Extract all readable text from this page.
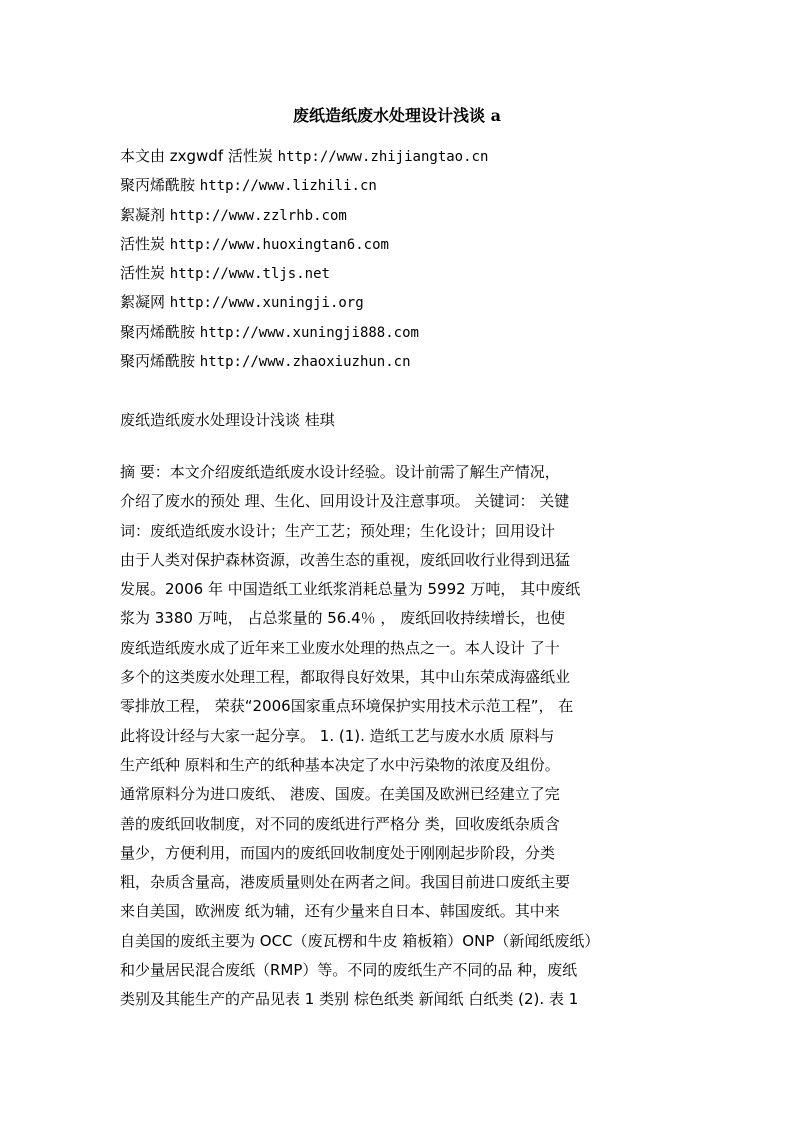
废纸造纸废水处理设计浅谈 a
本文由 zxgwdf 活性炭 http://www.zhijiangtao.cn
聚丙烯酰胺 http://www.lizhili.cn
絮凝剂 http://www.zzlrhb.com
活性炭 http://www.huoxingtan6.com
活性炭 http://www.tljs.net
絮凝网 http://www.xuningji.org
聚丙烯酰胺 http://www.xuningji888.com
聚丙烯酰胺 http://www.zhaoxiuzhun.cn

废纸造纸废水处理设计浅谈 桂琪

摘 要：本文介绍废纸造纸废水设计经验。设计前需了解生产情况，
介绍了废水的预处 理、生化、回用设计及注意事项。 关键词： 关键
词：废纸造纸废水设计；生产工艺；预处理；生化设计；回用设计
由于人类对保护森林资源，改善生态的重视，废纸回收行业得到迅猛
发展。2006 年 中国造纸工业纸浆消耗总量为 5992 万吨， 其中废纸
浆为 3380 万吨， 占总浆量的 56.4％ ， 废纸回收持续增长，也使
废纸造纸废水成了近年来工业废水处理的热点之一。本人设计 了十
多个的这类废水处理工程，都取得良好效果，其中山东荣成海盛纸业
零排放工程， 荣获“2006国家重点环境保护实用技术示范工程”， 在
此将设计经与大家一起分享。 1. (1). 造纸工艺与废水水质 原料与
生产纸种 原料和生产的纸种基本决定了水中污染物的浓度及组份。
通常原料分为进口废纸、 港废、国废。在美国及欧洲已经建立了完
善的废纸回收制度，对不同的废纸进行严格分 类，回收废纸杂质含
量少，方便利用，而国内的废纸回收制度处于刚刚起步阶段，分类
粗，杂质含量高，港废质量则处在两者之间。我国目前进口废纸主要
来自美国，欧洲废 纸为辅，还有少量来自日本、韩国废纸。其中来
自美国的废纸主要为 OCC（废瓦楞和牛皮 箱板箱）ONP（新闻纸废纸）
和少量居民混合废纸（RMP）等。不同的废纸生产不同的品 种，废纸
类别及其能生产的产品见表 1 类别 棕色纸类 新闻纸 白纸类 (2). 表 1
